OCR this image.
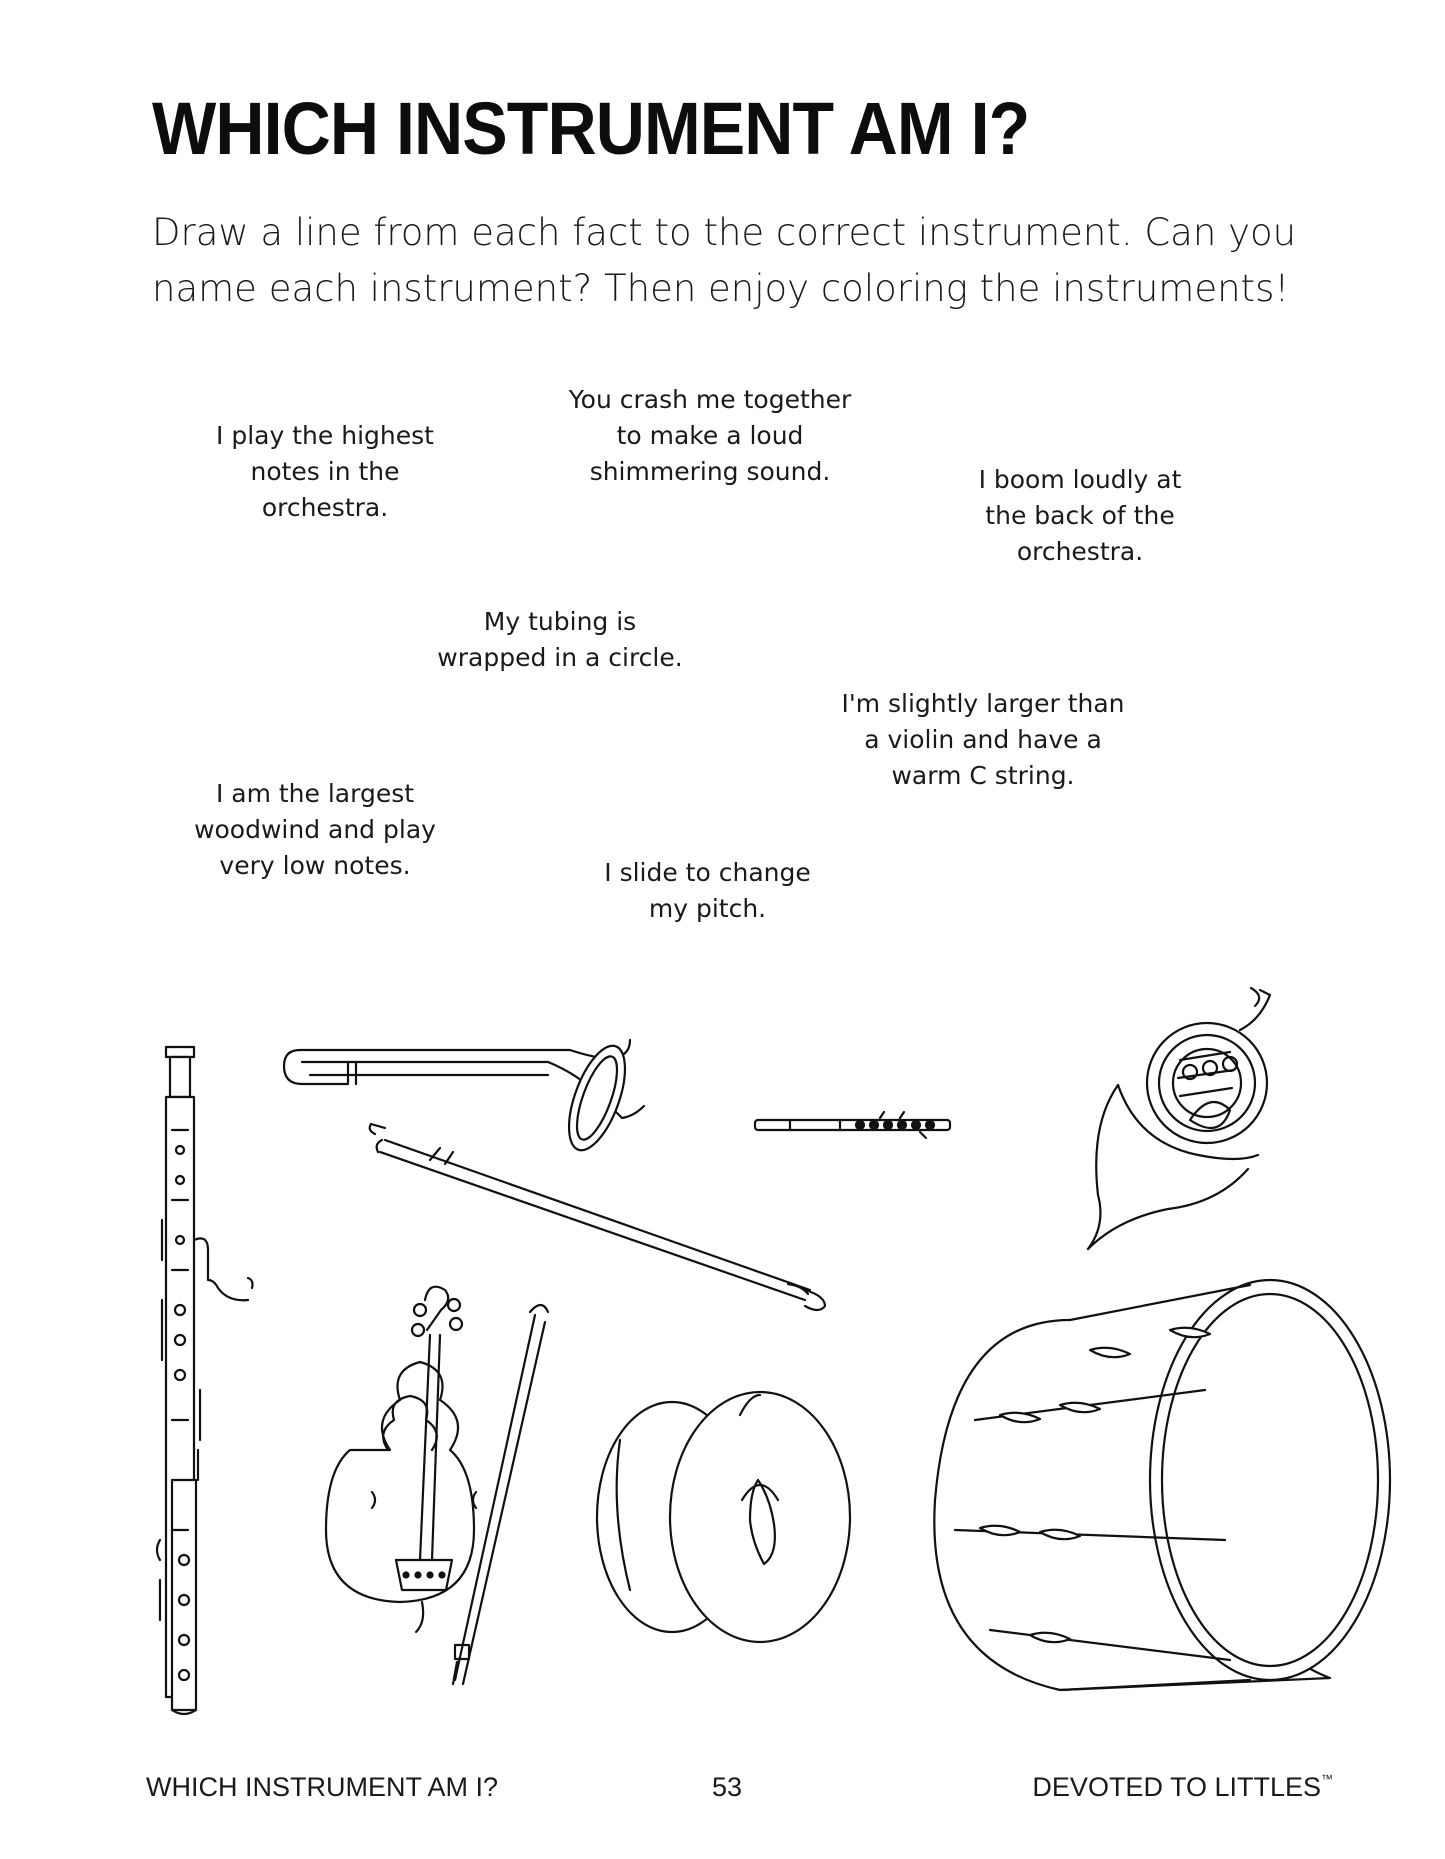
WHICH INSTRUMENT AM I?

Draw a line from each fact to the correct instrument. Can you name each instrument? Then enjoy coloring the instruments!

I play the highest
notes in the
orchestra.
You crash me together
to make a loud
shimmering sound.	I boom loudly at
the back of the
orchestra.
My tubing is
wrapped in a circle.
I'm slightly larger than
a violin and have a
warm C string.
I am the largest
woodwind and play
very low notes.	I slide to change
my pitch.
WHICH INSTRUMENT AM I?	53	DEVOTED TO LITTLES™
